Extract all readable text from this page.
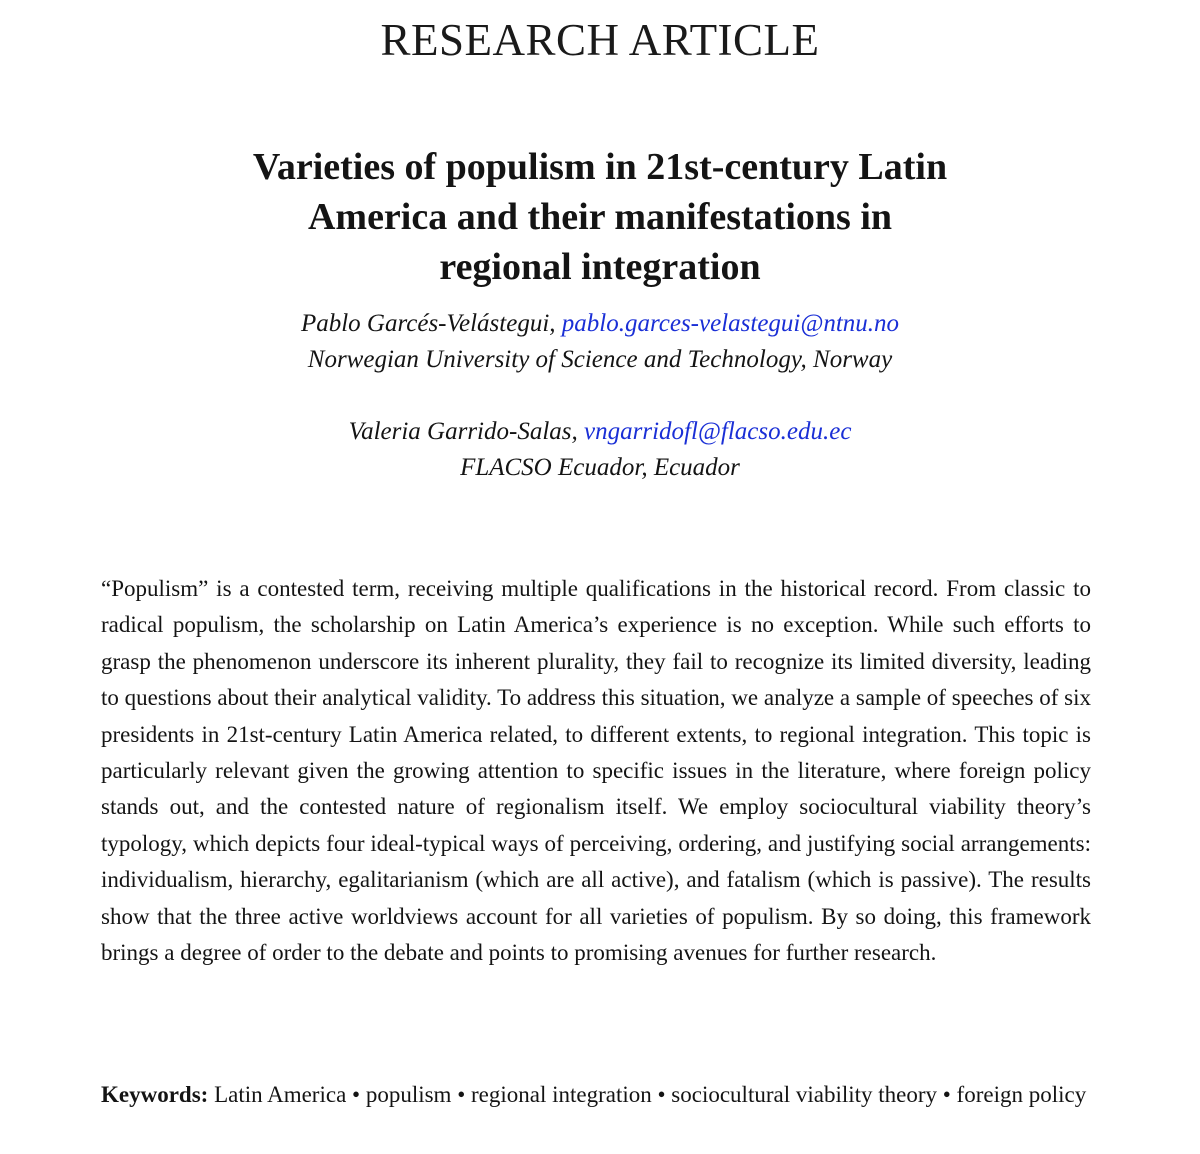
RESEARCH ARTICLE
Varieties of populism in 21st-century Latin
America and their manifestations in
regional integration
Pablo Garcés-Velástegui, pablo.garces-velastegui@ntnu.no
Norwegian University of Science and Technology, Norway
Valeria Garrido-Salas, vngarridofl@flacso.edu.ec
FLACSO Ecuador, Ecuador

“Populism” is a contested term, receiving multiple qualifications in the historical record. From classic to radical populism, the scholarship on Latin America’s experience is no exception. While such efforts to grasp the phenomenon underscore its inherent plurality, they fail to recognize its limited diversity, leading to questions about their analytical validity. To address this situation, we analyze a sample of speeches of six presidents in 21st-century Latin America related, to different extents, to regional integration. This topic is particularly relevant given the growing attention to specific issues in the literature, where foreign policy stands out, and the contested nature of regionalism itself. We employ sociocultural viability theory’s typology, which depicts four ideal-typical ways of perceiving, ordering, and justifying social arrangements: individualism, hierarchy, egalitarianism (which are all active), and fatalism (which is passive). The results show that the three active worldviews account for all varieties of populism. By so doing, this framework brings a degree of order to the debate and points to promising avenues for further research.

Keywords: Latin America • populism • regional integration • sociocultural viability theory • foreign policy
